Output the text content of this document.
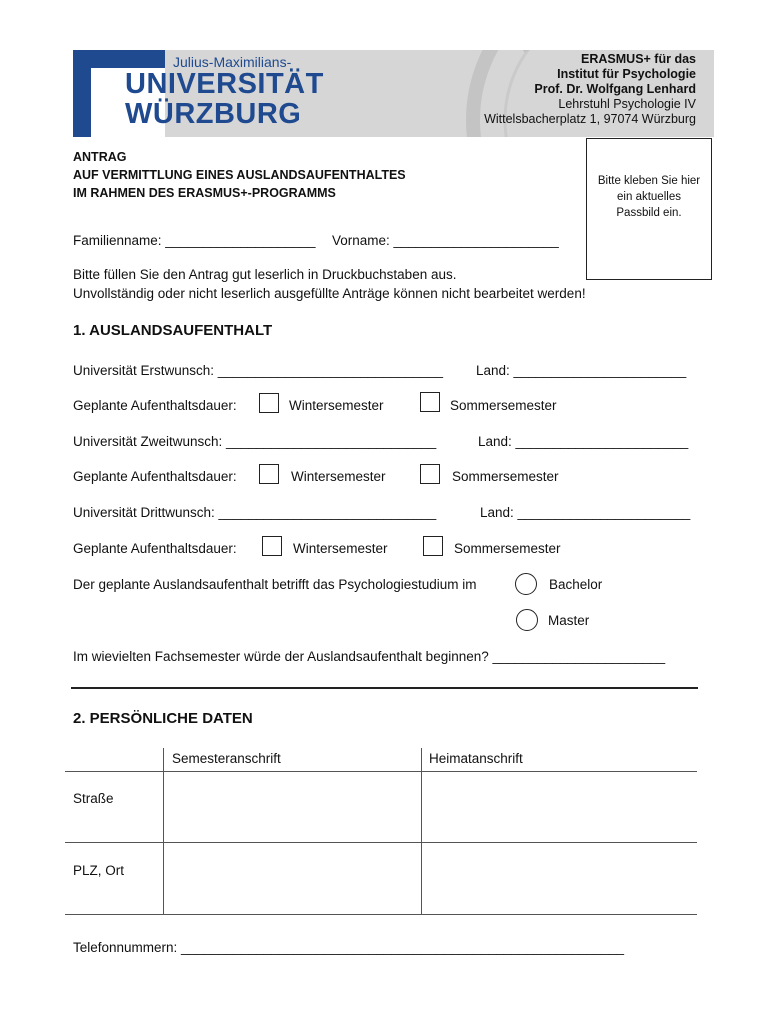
Julius-Maximilians-
UNIVERSITÄT
WÜRZBURG
ERASMUS+ für das
Institut für Psychologie
Prof. Dr. Wolfgang Lenhard
Lehrstuhl Psychologie IV
Wittelsbacherplatz 1, 97074 Würzburg
ANTRAG
AUF VERMITTLUNG EINES AUSLANDSAUFENTHALTES
IM RAHMEN DES ERASMUS+-PROGRAMMS
Bitte kleben Sie hier
ein aktuelles
Passbild ein.
Familienname: ____________________ Vorname: ______________________
Bitte füllen Sie den Antrag gut leserlich in Druckbuchstaben aus.
Unvollständig oder nicht leserlich ausgefüllte Anträge können nicht bearbeitet werden!
1. AUSLANDSAUFENTHALT
Universität Erstwunsch: ______________________________ Land: _______________________
Geplante Aufenthaltsdauer:	Wintersemester	Sommersemester
Universität Zweitwunsch: ____________________________	Land: _______________________
Geplante Aufenthaltsdauer:	Wintersemester	Sommersemester
Universität Drittwunsch: _____________________________	Land: _______________________
Geplante Aufenthaltsdauer:	Wintersemester	Sommersemester
Der geplante Auslandsaufenthalt betrifft das Psychologiestudium im	Bachelor
Master
Im wievielten Fachsemester würde der Auslandsaufenthalt beginnen? _______________________
2. PERSÖNLICHE DATEN
Semesteranschrift	Heimatanschrift
Straße
PLZ, Ort
Telefonnummern: ___________________________________________________________
